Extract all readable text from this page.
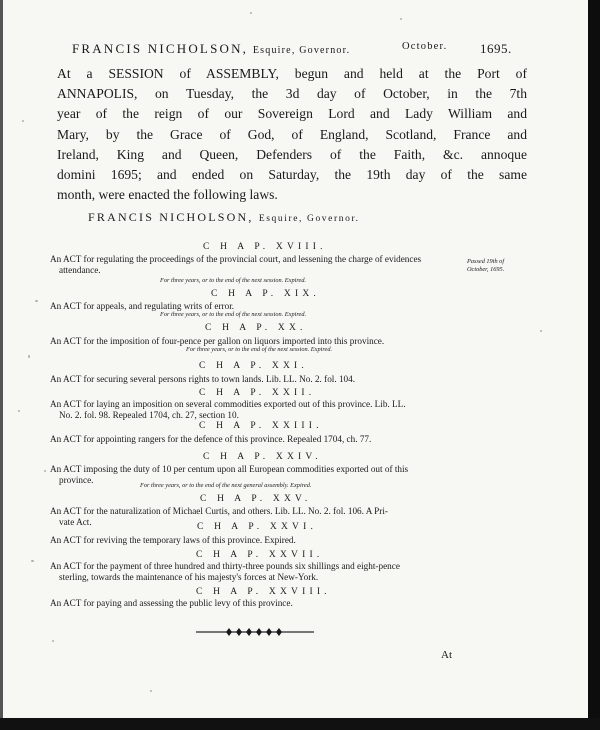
FRANCIS NICHOLSON, Esquire, Governor.	October.	1695.
At a SESSION of ASSEMBLY, begun and held at the Port of
ANNAPOLIS, on Tuesday, the 3d day of October, in the 7th
year of the reign of our Sovereign Lord and Lady William and
Mary, by the Grace of God, of England, Scotland, France and
Ireland, King and Queen, Defenders of the Faith, &c. annoque
domini 1695; and ended on Saturday, the 19th day of the same
month, were enacted the following laws.
FRANCIS NICHOLSON, Esquire, Governor.
Passed 19th of
October, 1695.
C H A P. XVIII.
An ACT for regulating the proceedings of the provincial court, and lessening the charge of evidences
attendance.
For three years, or to the end of the next session. Expired.
C H A P. XIX.
An ACT for appeals, and regulating writs of error.
For three years, or to the end of the next session. Expired.
C H A P. XX.
An ACT for the imposition of four-pence per gallon on liquors imported into this province.
For three years, or to the end of the next session. Expired.
C H A P. XXI.
An ACT for securing several persons rights to town lands. Lib. LL. No. 2. fol. 104.
C H A P. XXII.
An ACT for laying an imposition on several commodities exported out of this province. Lib. LL.
No. 2. fol. 98. Repealed 1704, ch. 27, section 10.
C H A P. XXIII.
An ACT for appointing rangers for the defence of this province. Repealed 1704, ch. 77.
C H A P. XXIV.
An ACT imposing the duty of 10 per centum upon all European commodities exported out of this
province.
For three years, or to the end of the next general assembly. Expired.
C H A P. XXV.
An ACT for the naturalization of Michael Curtis, and others. Lib. LL. No. 2. fol. 106. A Pri-
vate Act.
C H A P. XXVI.
An ACT for reviving the temporary laws of this province. Expired.
C H A P. XXVII.
An ACT for the payment of three hundred and thirty-three pounds six shillings and eight-pence
sterling, towards the maintenance of his majesty's forces at New-York.
C H A P. XXVIII.
An ACT for paying and assessing the public levy of this province.
At
